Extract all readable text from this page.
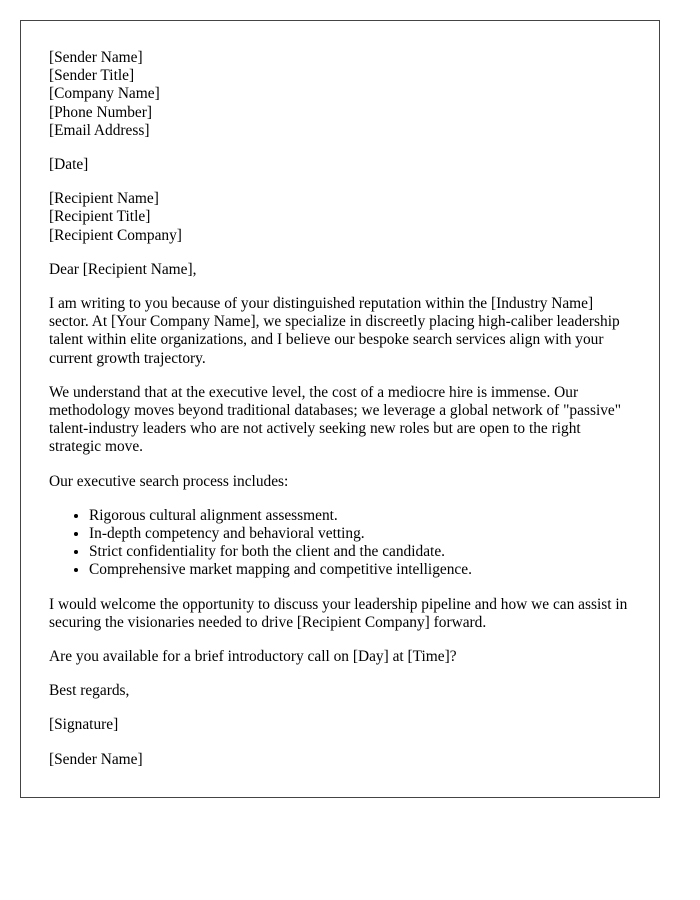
[Sender Name]
[Sender Title]
[Company Name]
[Phone Number]
[Email Address]

[Date]

[Recipient Name]
[Recipient Title]
[Recipient Company]

Dear [Recipient Name],

I am writing to you because of your distinguished reputation within the [Industry Name] sector. At [Your Company Name], we specialize in discreetly placing high-caliber leadership talent within elite organizations, and I believe our bespoke search services align with your current growth trajectory.

We understand that at the executive level, the cost of a mediocre hire is immense. Our methodology moves beyond traditional databases; we leverage a global network of "passive" talent-industry leaders who are not actively seeking new roles but are open to the right strategic move.

Our executive search process includes:

• Rigorous cultural alignment assessment.
• In-depth competency and behavioral vetting.
• Strict confidentiality for both the client and the candidate.
• Comprehensive market mapping and competitive intelligence.

I would welcome the opportunity to discuss your leadership pipeline and how we can assist in securing the visionaries needed to drive [Recipient Company] forward.

Are you available for a brief introductory call on [Day] at [Time]?

Best regards,

[Signature]

[Sender Name]
